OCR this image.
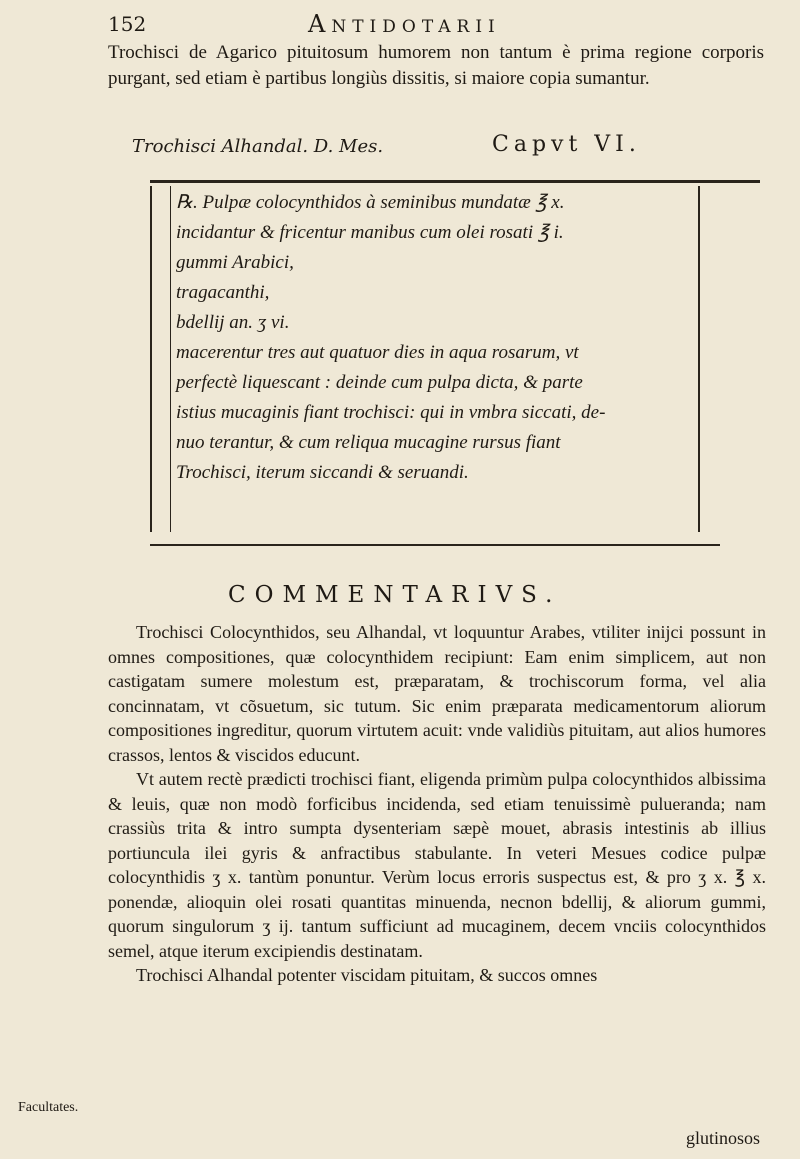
152	Antidotarii
Trochisci de Agarico pituitosum humorem non tantum è prima regione corporis purgant, sed etiam è partibus longiùs dissitis, si maiore copia sumantur.
Trochisci Alhandal. D. Mes.	Capvt VI.
℞. Pulpæ colocynthidos à seminibus mundatæ ℥ x.
incidantur & fricentur manibus cum olei rosati ℥ i.
gummi Arabici,
tragacanthi,
bdellij an. ʒ vi.
macerentur tres aut quatuor dies in aqua rosarum, vt
perfectè liquescant : deinde cum pulpa dicta, & parte
istius mucaginis fiant trochisci: qui in vmbra siccati, de-
nuo terantur, & cum reliqua mucagine rursus fiant
Trochisci, iterum siccandi & seruandi.
COMMENTARIVS.

Trochisci Colocynthidos, seu Alhandal, vt loquuntur Arabes, vtiliter inijci possunt in omnes compositiones, quæ colocynthidem recipiunt: Eam enim simplicem, aut non castigatam sumere molestum est, præparatam, & trochiscorum forma, vel alia concinnatam, vt cõsuetum, sic tutum. Sic enim præparata medicamentorum aliorum compositiones ingreditur, quorum virtutem acuit: vnde validiùs pituitam, aut alios humores crassos, lentos & viscidos educunt.

Vt autem rectè prædicti trochisci fiant, eligenda primùm pulpa colocynthidos albissima & leuis, quæ non modò forficibus incidenda, sed etiam tenuissimè puluerandа; nam crassiùs trita & intro sumpta dysenteriam sæpè mouet, abrasis intestinis ab illius portiuncula ilei gyris & anfractibus stabulante. In veteri Mesues codice pulpæ colocynthidis ʒ x. tantùm ponuntur. Verùm locus erroris suspectus est, & pro ʒ x. ℥ x. ponendæ, alioquin olei rosati quantitas minuenda, necnon bdellij, & aliorum gummi, quorum singulorum ʒ ij. tantum sufficiunt ad mucaginem, decem vnciis colocynthidos semel, atque iterum excipiendis destinatam.

Trochisci Alhandal potenter viscidam pituitam, & succos omnes

Facultates.
glutinosos
